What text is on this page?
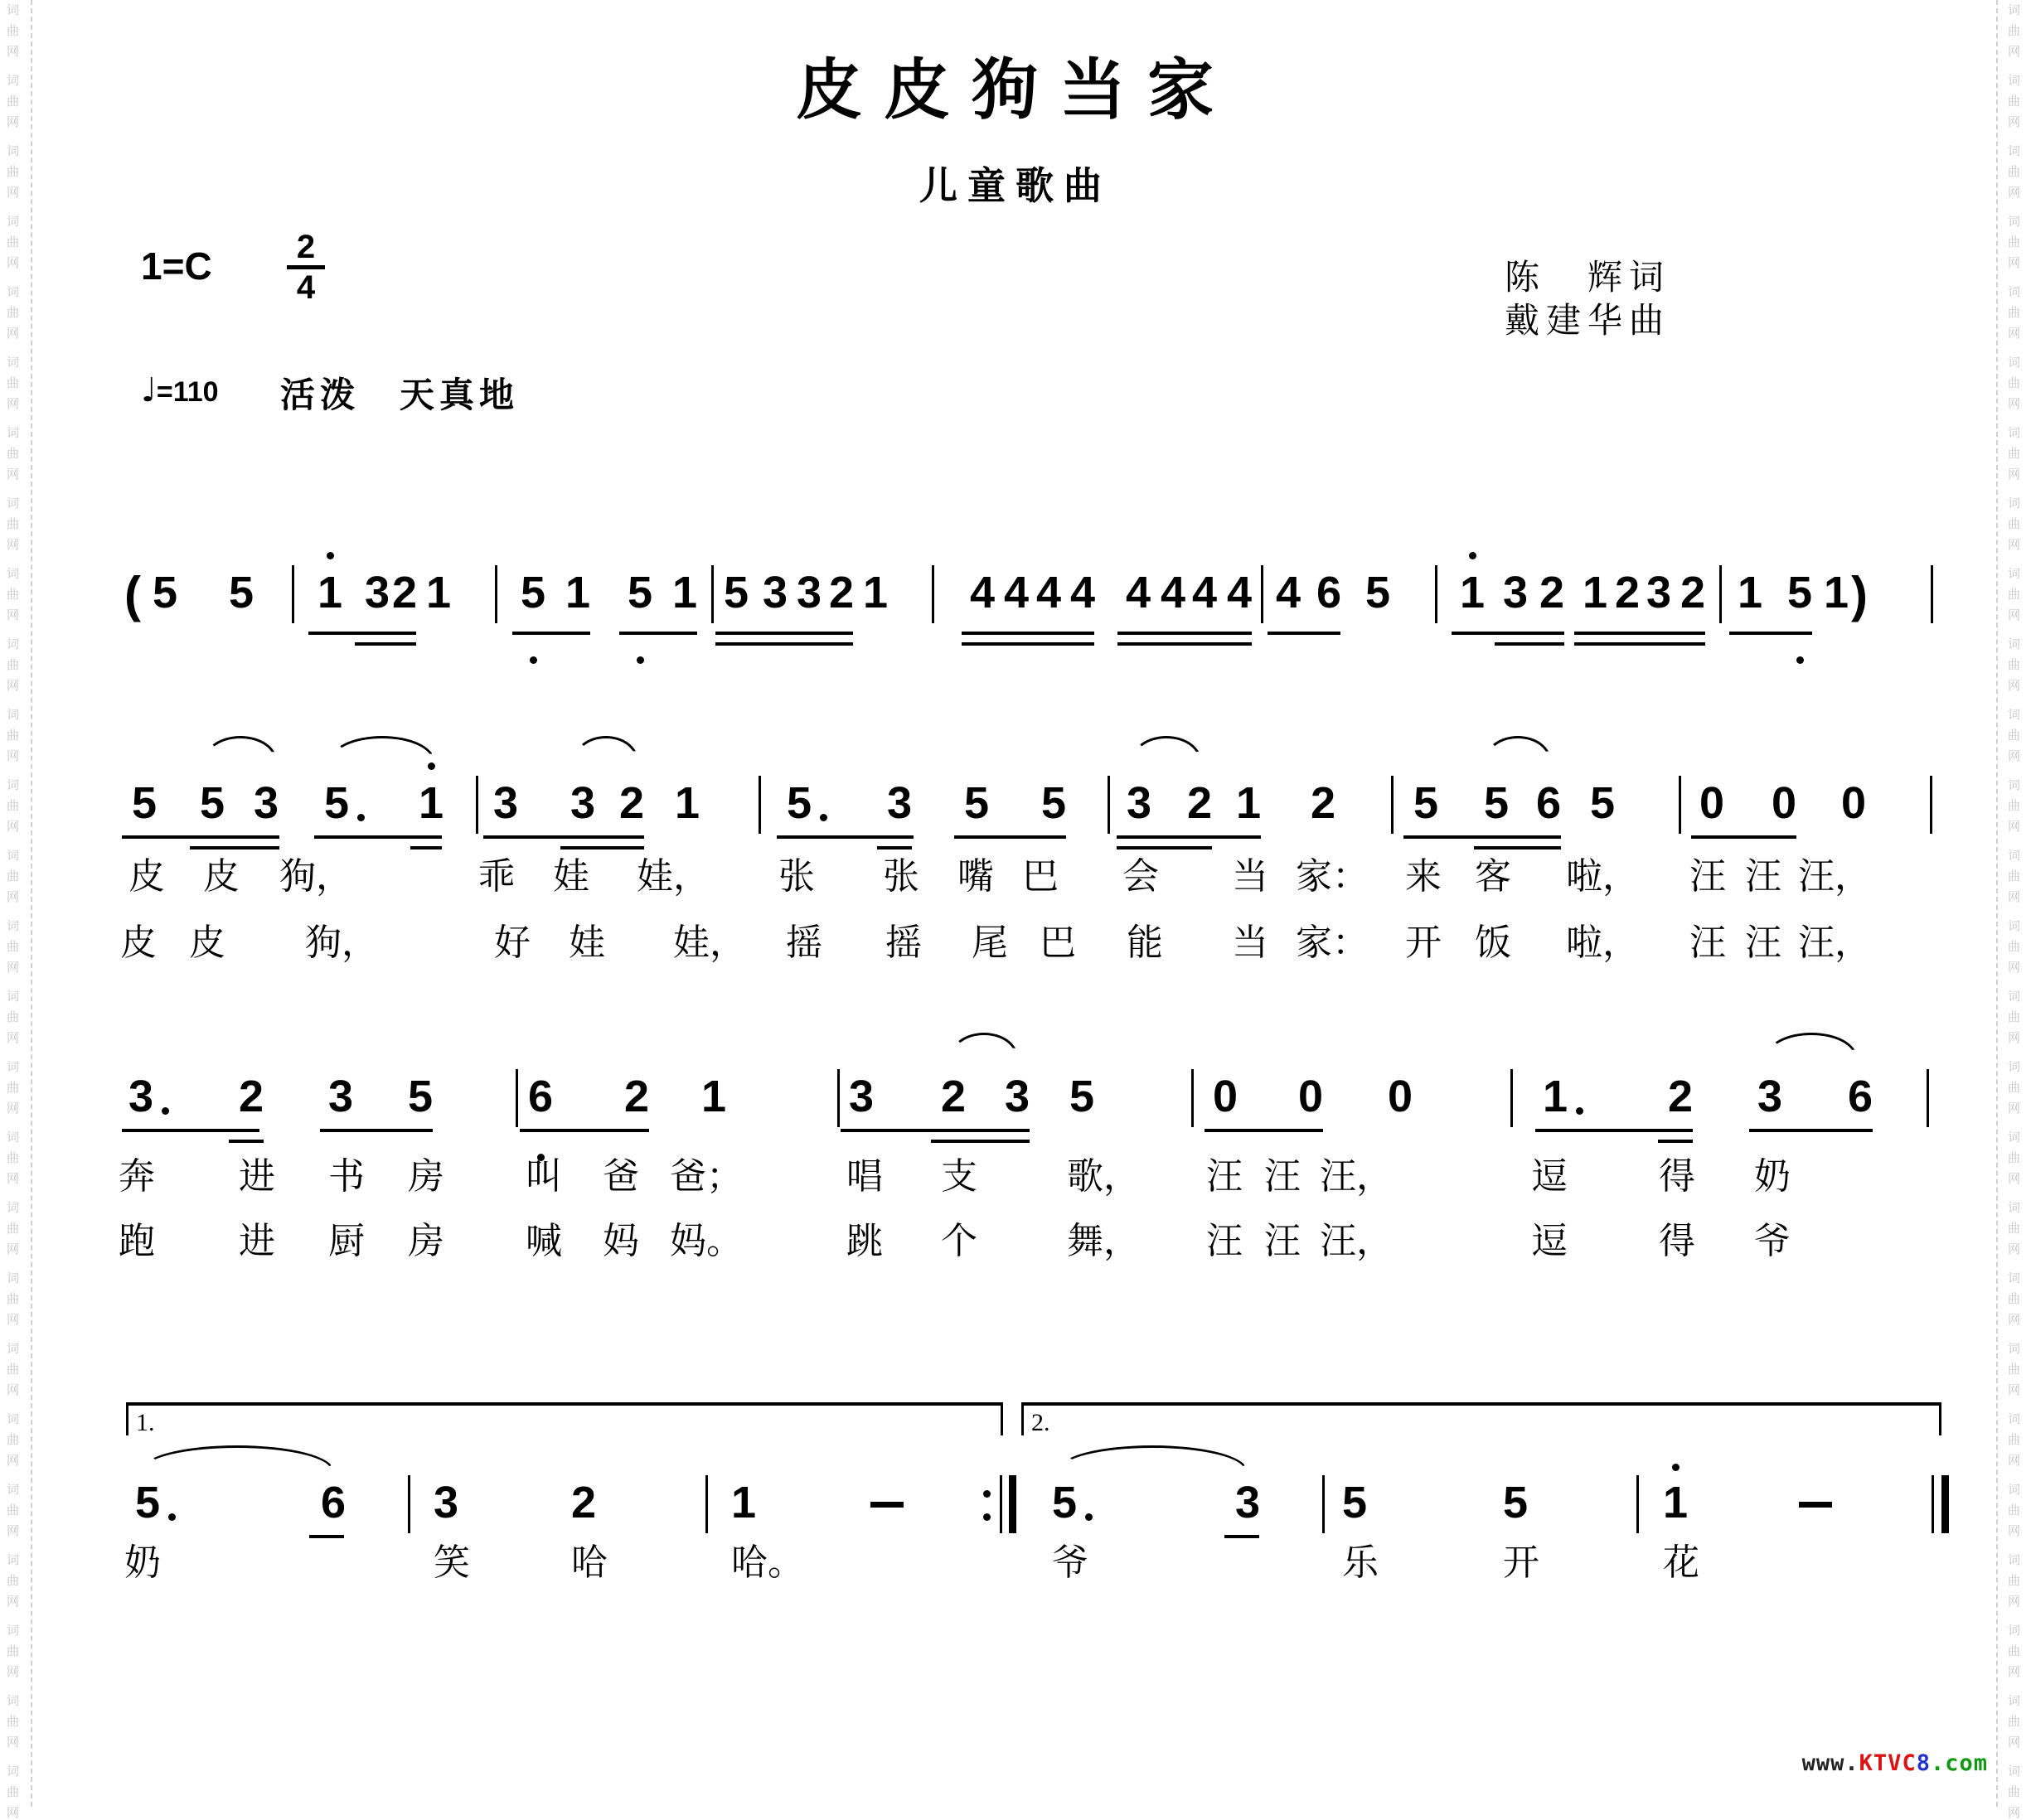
皮皮狗当家
儿童歌曲
1=C	2
4	陈　辉词
戴建华曲
♩=110 活泼　天真地
( 5 5 1 3 2 1 5 1 5 1 5 3 3 2 1 4 4 4 4 4 4 4 4 4 6 5 1 3 2 1 2 3 2 1 5 1 )
5 5 3 5 1 3 3 2 1 5 3 5 5 3 2 1 2 5 5 6 5 0 0 0
皮 皮 狗，	乖 娃 娃， 张 张 嘴 巴 会 当 家： 来 客 啦， 汪 汪 汪，
皮 皮 狗，	好 娃 娃， 摇 摇 尾 巴 能 当 家： 开 饭 啦， 汪 汪 汪，
3 2 3 5 6 2 1	3 2 3 5	0 0 0	1 2 3 6
奔 进 书 房 叫 爸 爸；	唱 支 歌， 汪 汪 汪，	逗	得 奶
跑 进 厨 房 喊 妈 妈。	跳 个 舞， 汪 汪 汪，	逗	得 爷
5	6 3	2	1	5	3 5	5	1
1.	2.
奶	笑	哈	哈。	爷	乐	开	花
词
曲
网
词
曲
网
词
曲
网
词
曲
网
词
曲
网
词
曲
网
词
曲
网
词
曲
网
词
曲
网
词
曲
网
词
曲
网
词
曲
网
词
曲
网
词
曲
网
词
曲
网
词
曲
网
词
曲
网
词
曲
网
词
曲
网
词
曲
网
词
曲
网
词
曲
网
词
曲
网
词
曲
网
词
曲
网
词
曲
网
词
曲
网
词
曲
网
词
曲
网
词
曲
网
词
曲
网
词
曲
网
词
曲
网
词
曲
网
词
曲
网
词
曲
网
词
曲
网
词
曲
网
词
曲
网
词
曲
网
词
曲
网
词
曲
网
词
曲
网
词
曲
网
词
曲
网
词
曲
网
词
曲
网
词
曲
网
词
曲
网
词
曲
网
词
曲
网
词
曲
网
www.KTVC8.com
